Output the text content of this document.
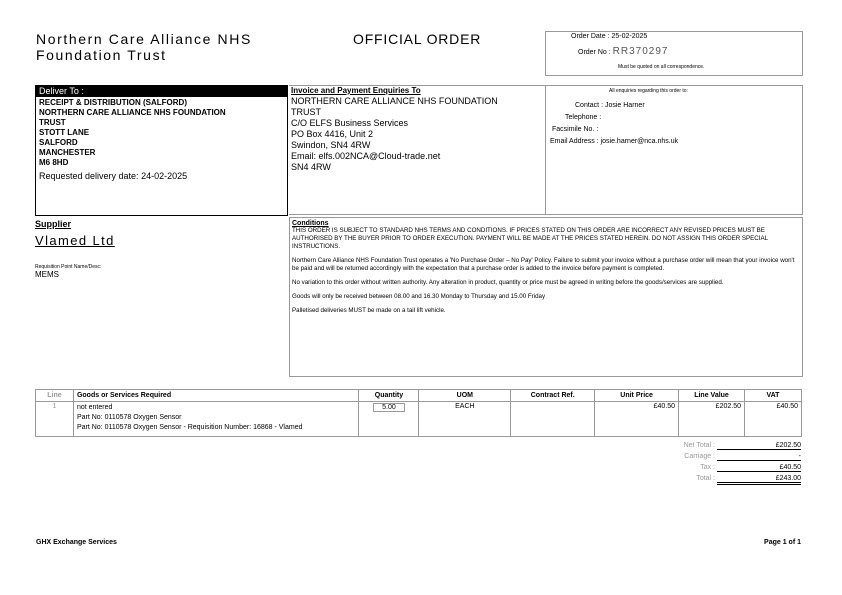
Northern Care Alliance NHS
Foundation Trust
OFFICIAL ORDER	Order Date : 25-02-2025
Order No : RR370297
Must be quoted on all correspondence.
Deliver To :
RECEIPT & DISTRIBUTION (SALFORD)
NORTHERN CARE ALLIANCE NHS FOUNDATION
TRUST
STOTT LANE
SALFORD
MANCHESTER
M6 8HD
Requested delivery date: 24-02-2025
Invoice and Payment Enquiries To
NORTHERN CARE ALLIANCE NHS FOUNDATION
TRUST
C/O ELFS Business Services
PO Box 4416, Unit 2
Swindon, SN4 4RW
Email: elfs.002NCA@Cloud-trade.net
SN4 4RW
All enquiries regarding this order to:
Contact : Josie Harner
Telephone :
Facsimile No. :
Email Address : josie.harner@nca.nhs.uk
Supplier
Vlamed Ltd
Requisition Point Name/Desc:
MEMS
Conditions

THIS ORDER IS SUBJECT TO STANDARD NHS TERMS AND CONDITIONS. IF PRICES STATED ON THIS ORDER ARE INCORRECT ANY REVISED PRICES MUST BE AUTHORISED BY THE BUYER PRIOR TO ORDER EXECUTION. PAYMENT WILL BE MADE AT THE PRICES STATED HEREIN. DO NOT ASSIGN THIS ORDER SPECIAL INSTRUCTIONS.

Northern Care Alliance NHS Foundation Trust operates a 'No Purchase Order – No Pay' Policy. Failure to submit your invoice without a purchase order will mean that your invoice won't be paid and will be returned accordingly with the expectation that a purchase order is added to the invoice before payment is completed.

No variation to this order without written authority. Any alteration in product, quantity or price must be agreed in writing before the goods/services are supplied.

Goods will only be received between 08.00 and 16.30 Monday to Thursday and 15.00 Friday

Palletised deliveries MUST be made on a tail lift vehicle.

Line	Goods or Services Required	Quantity	UOM	Contract Ref.	Unit Price	Line Value	VAT
1	not entered
Part No: 0110578 Oxygen Sensor
Part No: 0110578 Oxygen Sensor - Requisition Number: 16868 - Vlamed	5.00	EACH		£40.50	£202.50	£40.50
Net Total :	£202.50
Carriage :	-
Tax :	£40.50
Total :	£243.00
GHX Exchange Services	Page 1 of 1
